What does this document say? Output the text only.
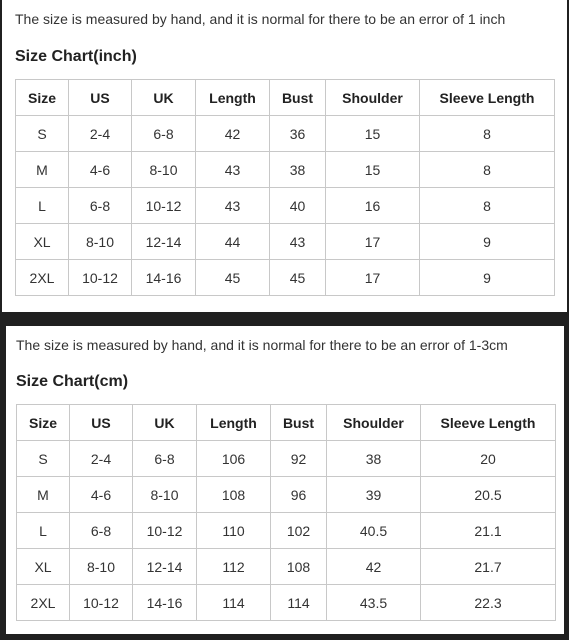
The size is measured by hand, and it is normal for there to be an error of 1 inch
Size Chart(inch)
Size	US	UK	Length	Bust	Shoulder	Sleeve Length
S	2-4	6-8	42	36	15	8
M	4-6	8-10	43	38	15	8
L	6-8	10-12	43	40	16	8
XL	8-10	12-14	44	43	17	9
2XL	10-12	14-16	45	45	17	9
The size is measured by hand, and it is normal for there to be an error of 1-3cm
Size Chart(cm)
Size	US	UK	Length	Bust	Shoulder	Sleeve Length
S	2-4	6-8	106	92	38	20
M	4-6	8-10	108	96	39	20.5
L	6-8	10-12	110	102	40.5	21.1
XL	8-10	12-14	112	108	42	21.7
2XL	10-12	14-16	114	114	43.5	22.3
